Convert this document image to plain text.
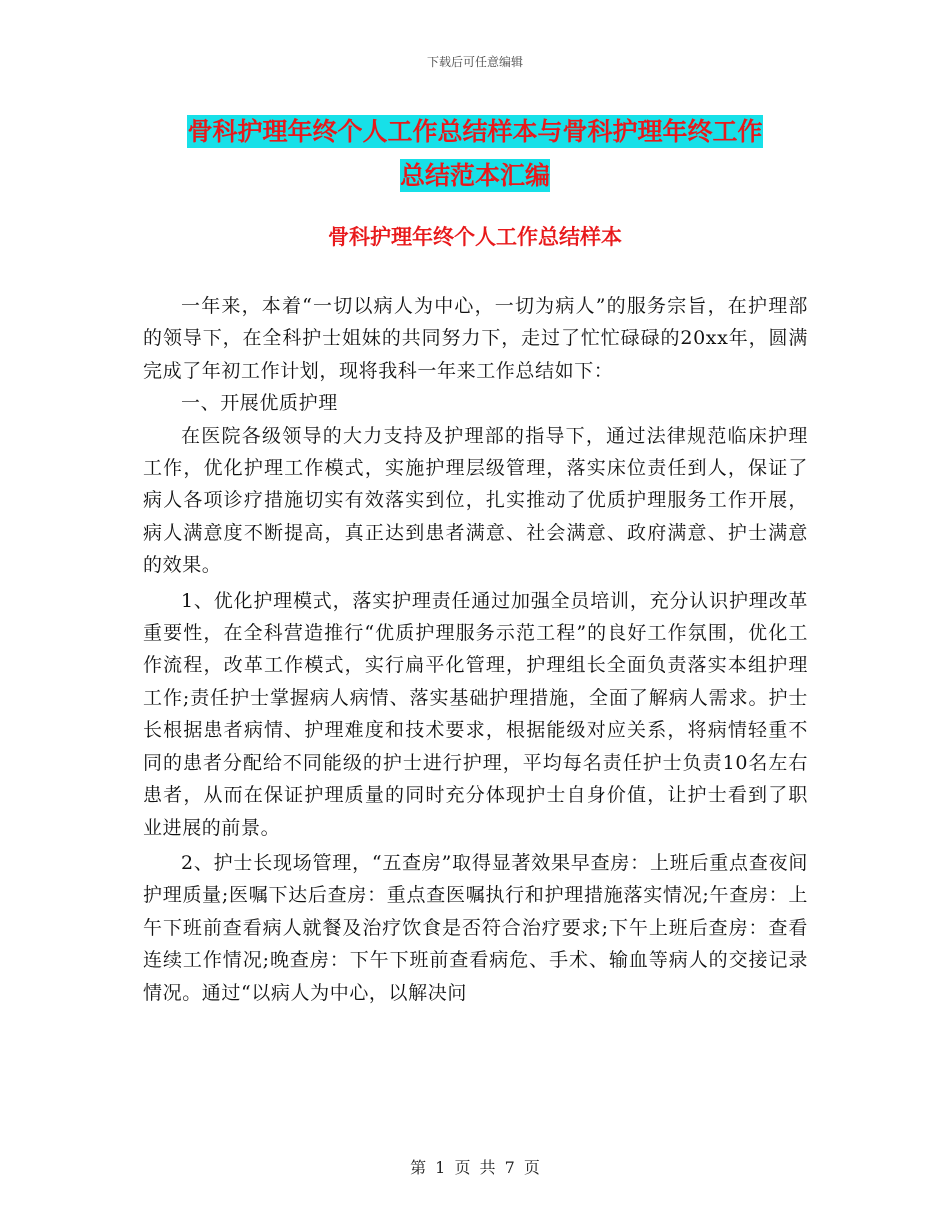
下载后可任意编辑
骨科护理年终个人工作总结样本与骨科护理年终工作
总结范本汇编
骨科护理年终个人工作总结样本

一年来，本着“一切以病人为中心，一切为病人”的服务宗旨，在护理部的领导下，在全科护士姐妹的共同努力下，走过了忙忙碌碌的20xx年，圆满完成了年初工作计划，现将我科一年来工作总结如下：

一、开展优质护理

在医院各级领导的大力支持及护理部的指导下，通过法律规范临床护理工作，优化护理工作模式，实施护理层级管理，落实床位责任到人，保证了病人各项诊疗措施切实有效落实到位，扎实推动了优质护理服务工作开展，病人满意度不断提高，真正达到患者满意、社会满意、政府满意、护士满意的效果。

1、优化护理模式，落实护理责任通过加强全员培训，充分认识护理改革重要性，在全科营造推行“优质护理服务示范工程”的良好工作氛围，优化工作流程，改革工作模式，实行扁平化管理，护理组长全面负责落实本组护理工作;责任护士掌握病人病情、落实基础护理措施，全面了解病人需求。护士长根据患者病情、护理难度和技术要求，根据能级对应关系，将病情轻重不同的患者分配给不同能级的护士进行护理，平均每名责任护士负责10名左右患者，从而在保证护理质量的同时充分体现护士自身价值，让护士看到了职业进展的前景。

2、护士长现场管理，“五查房”取得显著效果早查房：上班后重点查夜间护理质量;医嘱下达后查房：重点查医嘱执行和护理措施落实情况;午查房：上午下班前查看病人就餐及治疗饮食是否符合治疗要求;下午上班后查房：查看连续工作情况;晚查房：下午下班前查看病危、手术、输血等病人的交接记录情况。通过“以病人为中心，以解决问

第 1 页 共 7 页
